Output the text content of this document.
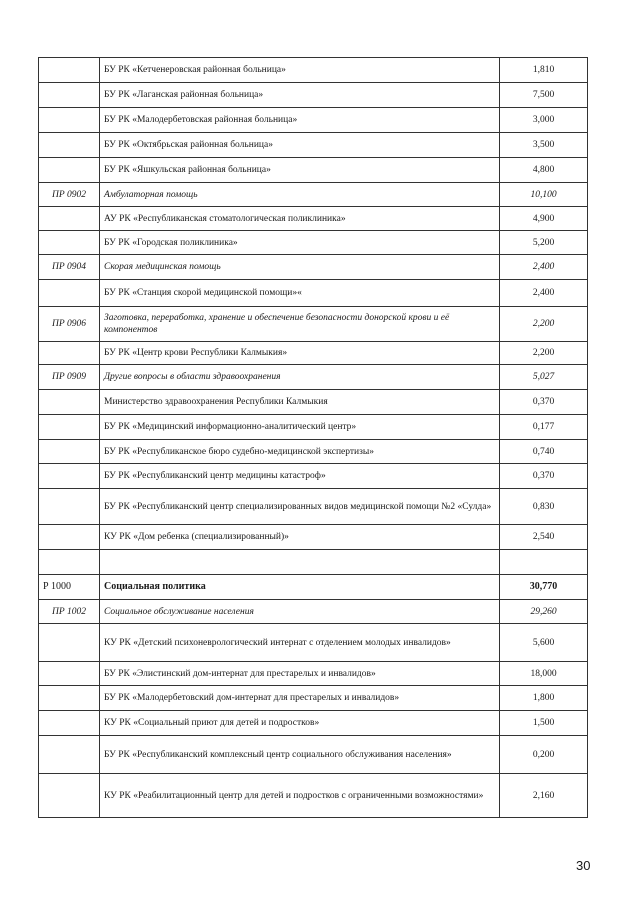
	БУ РК «Кетченеровская районная больница»	1,810
	БУ РК «Лаганская районная больница»	7,500
	БУ РК «Малодербетовская районная больница»	3,000
	БУ РК «Октябрьская районная больница»	3,500
	БУ РК «Яшкульская районная больница»	4,800
ПР 0902	Амбулаторная помощь	10,100
	АУ РК «Республиканская стоматологическая поликлиника»	4,900
	БУ РК «Городская поликлиника»	5,200
ПР 0904	Скорая медицинская помощь	2,400
	БУ РК «Станция скорой медицинской помощи»«	2,400
ПР 0906	Заготовка, переработка, хранение и обеспечение безопасности донорской крови и её компонентов	2,200
	БУ РК «Центр крови Республики Калмыкия»	2,200
ПР 0909	Другие вопросы в области здравоохранения	5,027
	Министерство здравоохранения Республики Калмыкия	0,370
	БУ РК «Медицинский информационно-аналитический центр»	0,177
	БУ РК «Республиканское бюро судебно-медицинской экспертизы»	0,740
	БУ РК «Республиканский центр медицины катастроф»	0,370
	БУ РК «Республиканский центр специализированных видов медицинской помощи №2 «Сулда»	0,830
	КУ РК «Дом ребенка (специализированный)»	2,540

Р 1000	Социальная политика	30,770
ПР 1002	Социальное обслуживание населения	29,260
	КУ РК «Детский психоневрологический интернат с отделением молодых инвалидов»	5,600
	БУ РК «Элистинский дом-интернат для престарелых и инвалидов»	18,000
	БУ РК «Малодербетовский дом-интернат для престарелых и инвалидов»	1,800
	КУ РК «Социальный приют для детей и подростков»	1,500
	БУ РК «Республиканский комплексный центр социального обслуживания населения»	0,200
	КУ РК «Реабилитационный центр для детей и подростков с ограниченными возможностями»	2,160
30
